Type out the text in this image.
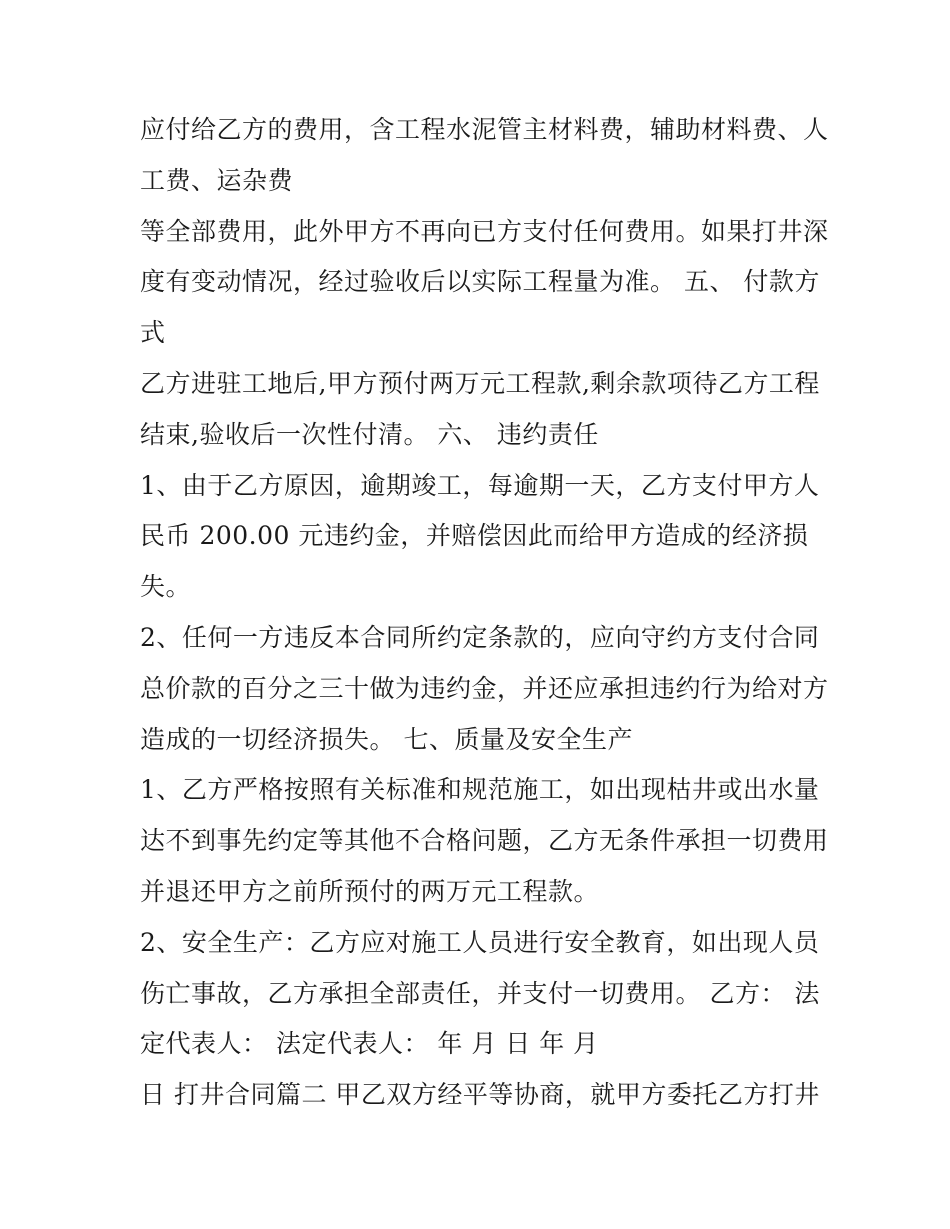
应付给乙方的费用，含工程水泥管主材料费，辅助材料费、人
工费、运杂费
等全部费用，此外甲方不再向已方支付任何费用。如果打井深
度有变动情况，经过验收后以实际工程量为准。 五、 付款方
式
乙方进驻工地后,甲方预付两万元工程款,剩余款项待乙方工程
结束,验收后一次性付清。 六、 违约责任
1、由于乙方原因，逾期竣工，每逾期一天，乙方支付甲方人
民币 200.00 元违约金，并赔偿因此而给甲方造成的经济损
失。
2、任何一方违反本合同所约定条款的，应向守约方支付合同
总价款的百分之三十做为违约金，并还应承担违约行为给对方
造成的一切经济损失。 七、质量及安全生产
1、乙方严格按照有关标准和规范施工，如出现枯井或出水量
达不到事先约定等其他不合格问题，乙方无条件承担一切费用
并退还甲方之前所预付的两万元工程款。
2、安全生产：乙方应对施工人员进行安全教育，如出现人员
伤亡事故，乙方承担全部责任，并支付一切费用。 乙方： 法
定代表人： 法定代表人： 年 月 日 年 月
日 打井合同篇二 甲乙双方经平等协商，就甲方委托乙方打井
